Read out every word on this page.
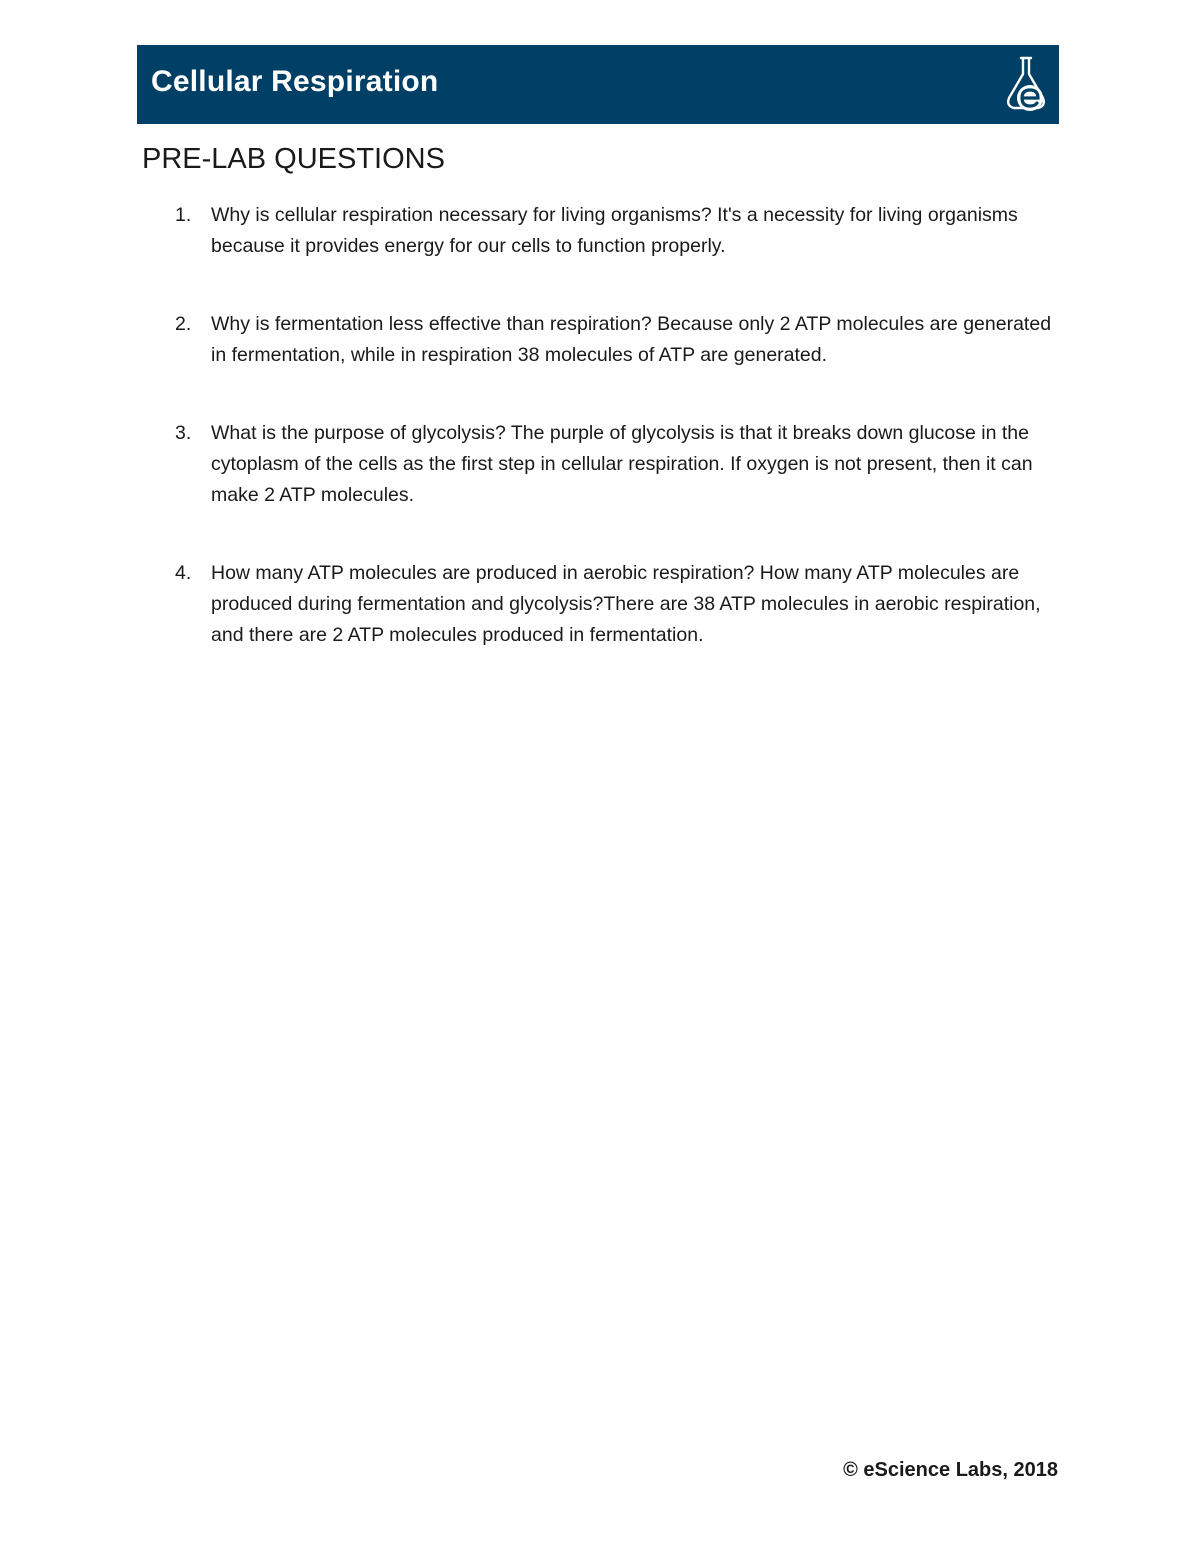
Cellular Respiration
PRE-LAB QUESTIONS
1. Why is cellular respiration necessary for living organisms? It's a necessity for living organisms because it provides energy for our cells to function properly.
2. Why is fermentation less effective than respiration? Because only 2 ATP molecules are generated in fermentation, while in respiration 38 molecules of ATP are generated.
3. What is the purpose of glycolysis? The purple of glycolysis is that it breaks down glucose in the cytoplasm of the cells as the first step in cellular respiration. If oxygen is not present, then it can make 2 ATP molecules.
4. How many ATP molecules are produced in aerobic respiration? How many ATP molecules are produced during fermentation and glycolysis?There are 38 ATP molecules in aerobic respiration, and there are 2 ATP molecules produced in fermentation.
© eScience Labs, 2018
